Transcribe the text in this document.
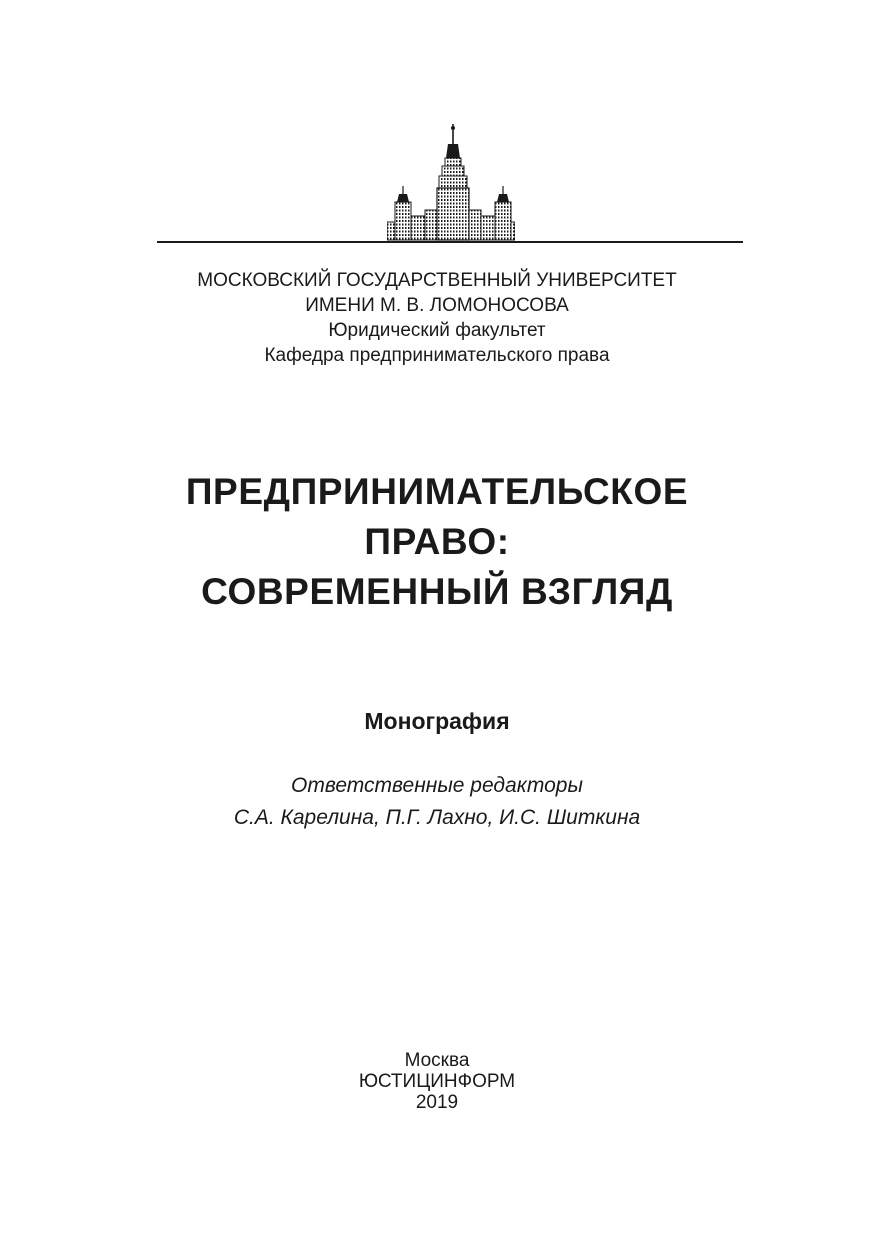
МОСКОВСКИЙ ГОСУДАРСТВЕННЫЙ УНИВЕРСИТЕТ
ИМЕНИ М. В. ЛОМОНОСОВА
Юридический факультет
Кафедра предпринимательского права
ПРЕДПРИНИМАТЕЛЬСКОЕ
ПРАВО:
СОВРЕМЕННЫЙ ВЗГЛЯД
Монография
Ответственные редакторы
С.А. Карелина, П.Г. Лахно, И.С. Шиткина
Москва
ЮСТИЦИНФОРМ
2019
